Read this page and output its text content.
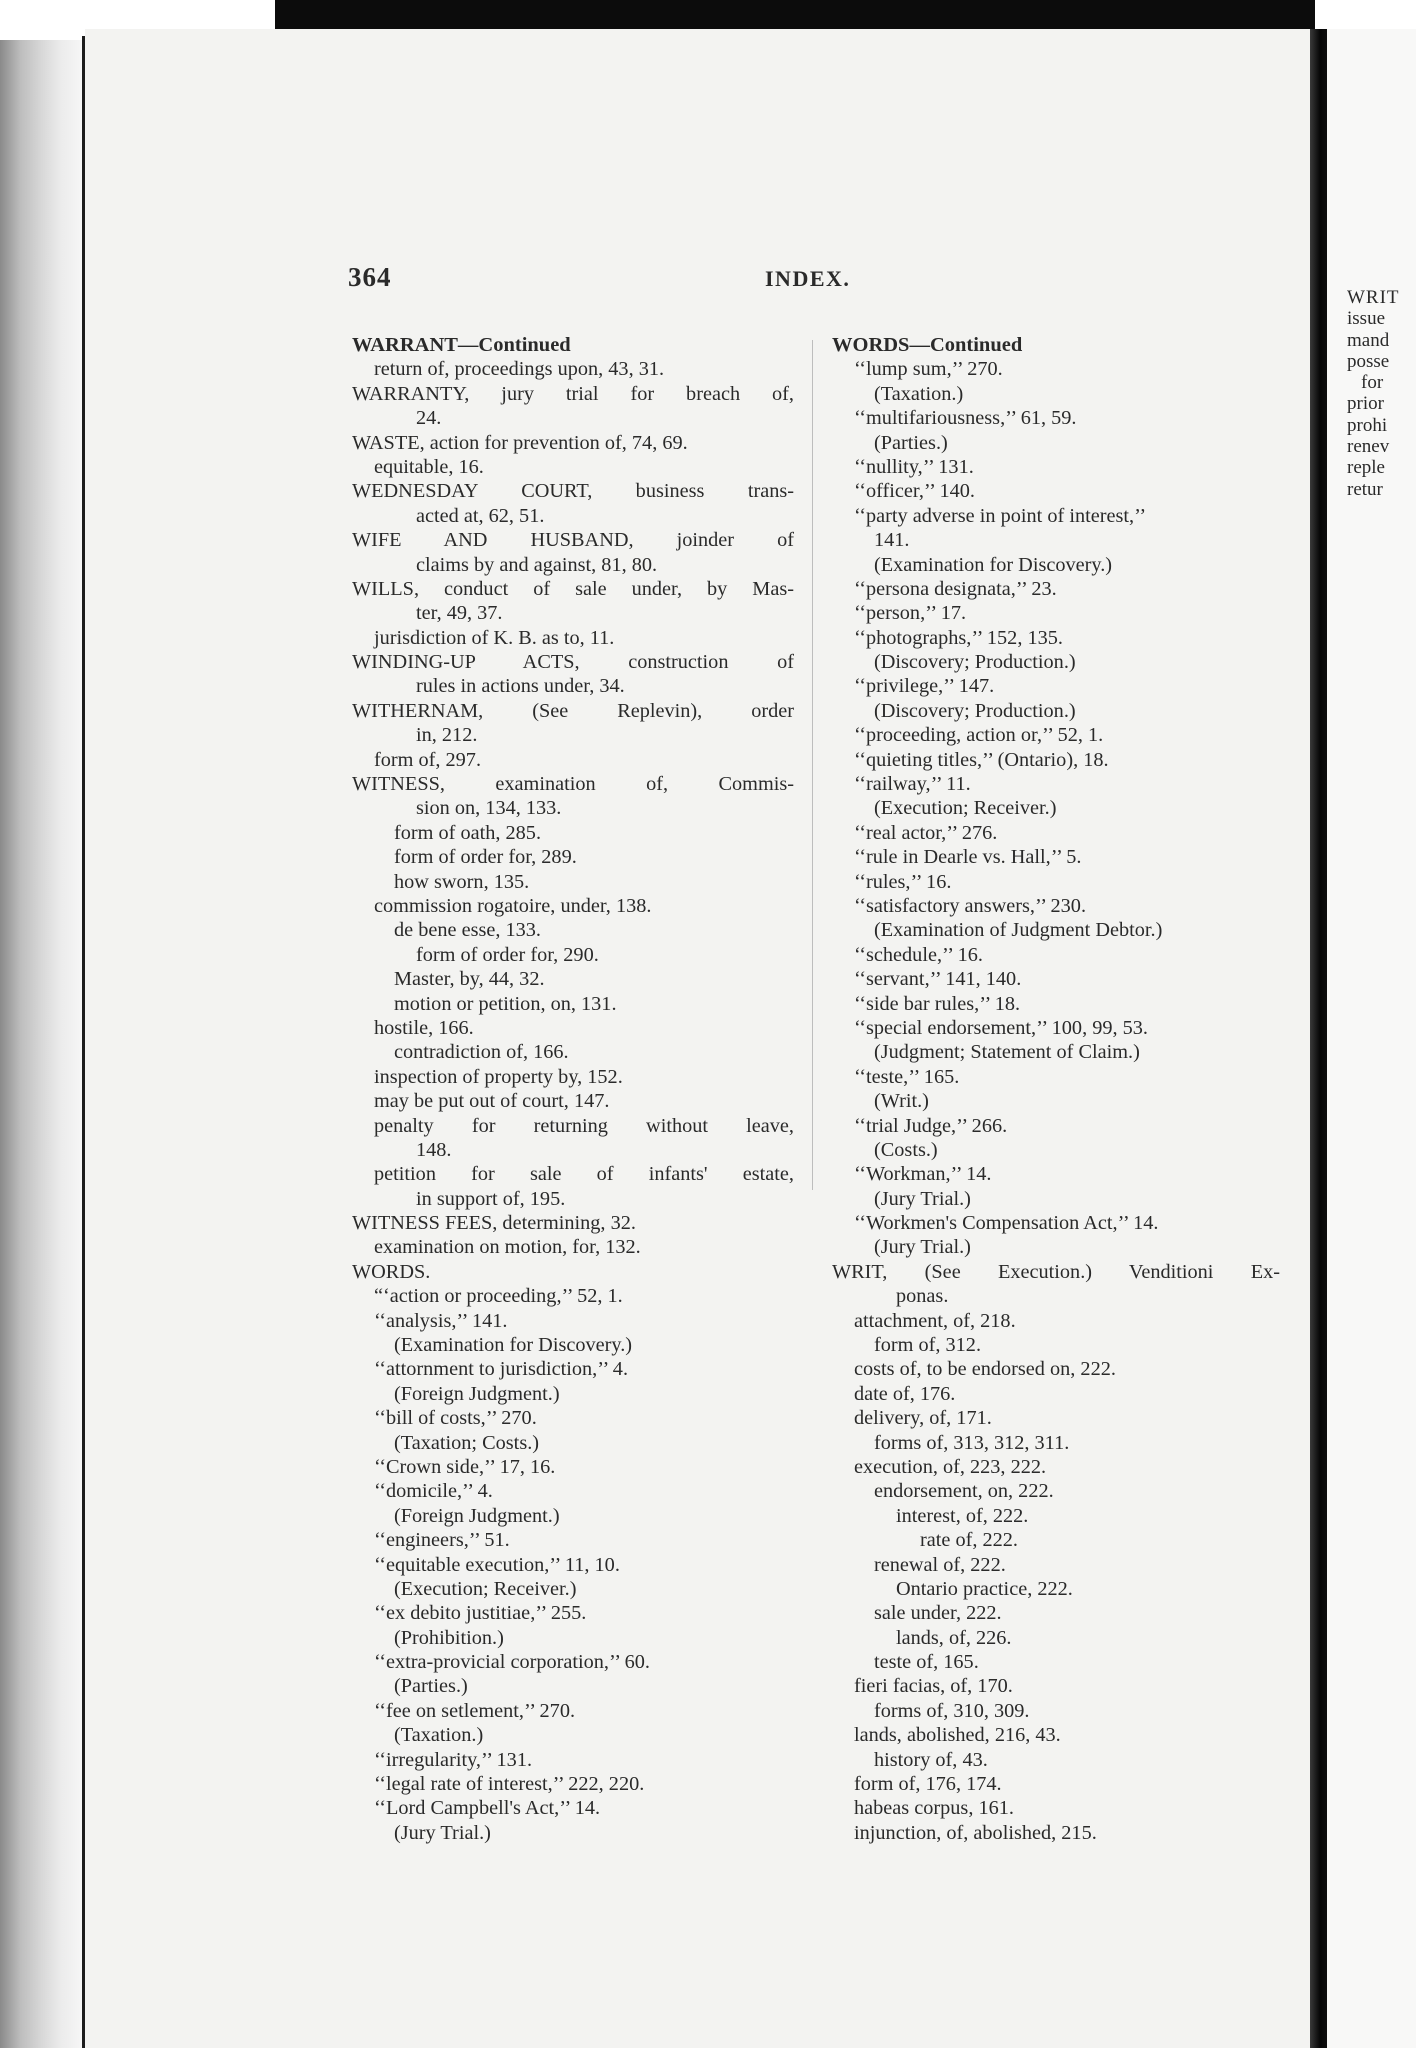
WRIT
issue
mand
posse
for
prior
prohi
renev
reple
retur
364	INDEX.
WARRANT—Continued
return of, proceedings upon, 43, 31.
WARRANTY, jury trial for breach of,
24.
WASTE, action for prevention of, 74, 69.
equitable, 16.
WEDNESDAY COURT, business trans-
acted at, 62, 51.
WIFE AND HUSBAND, joinder of
claims by and against, 81, 80.
WILLS, conduct of sale under, by Mas-
ter, 49, 37.
jurisdiction of K. B. as to, 11.
WINDING-UP ACTS, construction of
rules in actions under, 34.
WITHERNAM, (See Replevin), order
in, 212.
form of, 297.
WITNESS, examination of, Commis-
sion on, 134, 133.
form of oath, 285.
form of order for, 289.
how sworn, 135.
commission rogatoire, under, 138.
de bene esse, 133.
form of order for, 290.
Master, by, 44, 32.
motion or petition, on, 131.
hostile, 166.
contradiction of, 166.
inspection of property by, 152.
may be put out of court, 147.
penalty for returning without leave,
148.
petition for sale of infants' estate,
in support of, 195.
WITNESS FEES, determining, 32.
examination on motion, for, 132.
WORDS.
“‘action or proceeding,’’ 52, 1.
‘‘analysis,’’ 141.
(Examination for Discovery.)
‘‘attornment to jurisdiction,’’ 4.
(Foreign Judgment.)
‘‘bill of costs,’’ 270.
(Taxation; Costs.)
‘‘Crown side,’’ 17, 16.
‘‘domicile,’’ 4.
(Foreign Judgment.)
‘‘engineers,’’ 51.
‘‘equitable execution,’’ 11, 10.
(Execution; Receiver.)
‘‘ex debito justitiae,’’ 255.
(Prohibition.)
‘‘extra-provicial corporation,’’ 60.
(Parties.)
‘‘fee on setlement,’’ 270.
(Taxation.)
‘‘irregularity,’’ 131.
‘‘legal rate of interest,’’ 222, 220.
‘‘Lord Campbell's Act,’’ 14.
(Jury Trial.)
WORDS—Continued
‘‘lump sum,’’ 270.
(Taxation.)
‘‘multifariousness,’’ 61, 59.
(Parties.)
‘‘nullity,’’ 131.
‘‘officer,’’ 140.
‘‘party adverse in point of interest,’’
141.
(Examination for Discovery.)
‘‘persona designata,’’ 23.
‘‘person,’’ 17.
‘‘photographs,’’ 152, 135.
(Discovery; Production.)
‘‘privilege,’’ 147.
(Discovery; Production.)
‘‘proceeding, action or,’’ 52, 1.
‘‘quieting titles,’’ (Ontario), 18.
‘‘railway,’’ 11.
(Execution; Receiver.)
‘‘real actor,’’ 276.
‘‘rule in Dearle vs. Hall,’’ 5.
‘‘rules,’’ 16.
‘‘satisfactory answers,’’ 230.
(Examination of Judgment Debtor.)
‘‘schedule,’’ 16.
‘‘servant,’’ 141, 140.
‘‘side bar rules,’’ 18.
‘‘special endorsement,’’ 100, 99, 53.
(Judgment; Statement of Claim.)
‘‘teste,’’ 165.
(Writ.)
‘‘trial Judge,’’ 266.
(Costs.)
‘‘Workman,’’ 14.
(Jury Trial.)
‘‘Workmen's Compensation Act,’’ 14.
(Jury Trial.)
WRIT, (See Execution.) Venditioni Ex-
ponas.
attachment, of, 218.
form of, 312.
costs of, to be endorsed on, 222.
date of, 176.
delivery, of, 171.
forms of, 313, 312, 311.
execution, of, 223, 222.
endorsement, on, 222.
interest, of, 222.
rate of, 222.
renewal of, 222.
Ontario practice, 222.
sale under, 222.
lands, of, 226.
teste of, 165.
fieri facias, of, 170.
forms of, 310, 309.
lands, abolished, 216, 43.
history of, 43.
form of, 176, 174.
habeas corpus, 161.
injunction, of, abolished, 215.
